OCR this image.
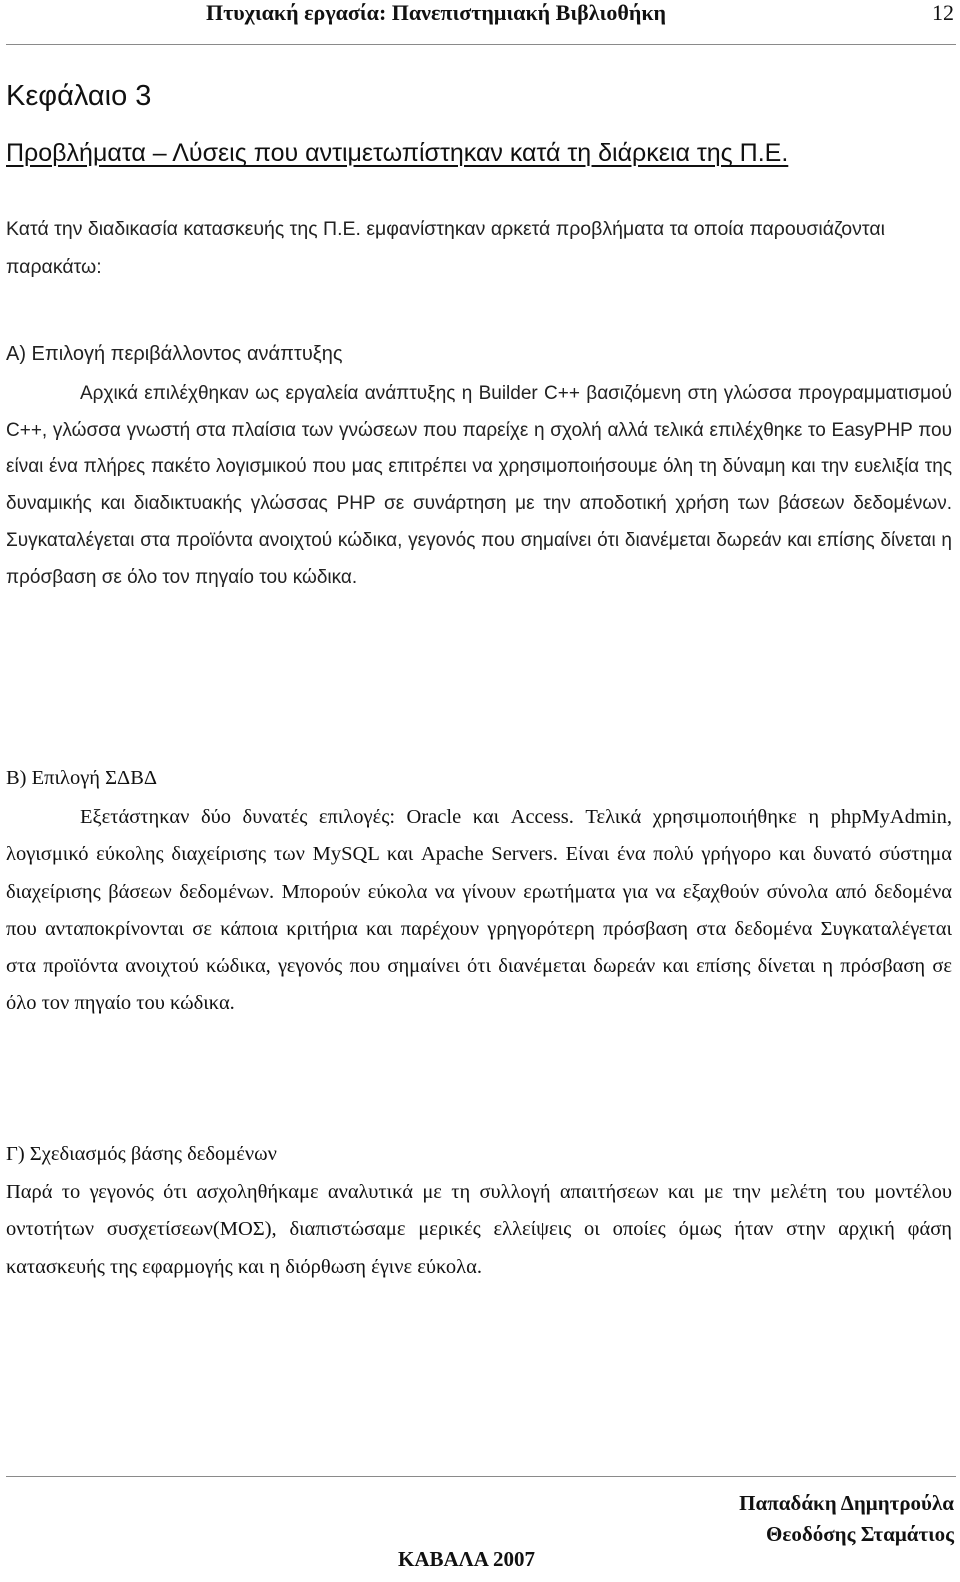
Πτυχιακή εργασία: Πανεπιστημιακή Βιβλιοθήκη	12
Κεφάλαιο 3
Προβλήματα – Λύσεις που αντιμετωπίστηκαν κατά τη διάρκεια της Π.Ε.
Κατά την διαδικασία κατασκευής της Π.Ε. εμφανίστηκαν αρκετά προβλήματα τα οποία παρουσιάζονται παρακάτω:
Α) Επιλογή περιβάλλοντος ανάπτυξης

Αρχικά επιλέχθηκαν ως εργαλεία ανάπτυξης η Builder C++ βασιζόμενη στη γλώσσα προγραμματισμού C++, γλώσσα γνωστή στα πλαίσια των γνώσεων που παρείχε η σχολή αλλά τελικά επιλέχθηκε το EasyPHP που είναι ένα πλήρες πακέτο λογισμικού που μας επιτρέπει να χρησιμοποιήσουμε όλη τη δύναμη και την ευελιξία της δυναμικής και διαδικτυακής γλώσσας PHP σε συνάρτηση με την αποδοτική χρήση των βάσεων δεδομένων. Συγκαταλέγεται στα προϊόντα ανοιχτού κώδικα, γεγονός που σημαίνει ότι διανέμεται δωρεάν και επίσης δίνεται η πρόσβαση σε όλο τον πηγαίο του κώδικα.

Β) Επιλογή ΣΔΒΔ

Εξετάστηκαν δύο δυνατές επιλογές: Oracle και Access. Τελικά χρησιμοποιήθηκε η phpMyAdmin, λογισμικό εύκολης διαχείρισης των MySQL και Apache Servers. Είναι ένα πολύ γρήγορο και δυνατό σύστημα διαχείρισης βάσεων δεδομένων. Μπορούν εύκολα να γίνουν ερωτήματα για να εξαχθούν σύνολα από δεδομένα που ανταποκρίνονται σε κάποια κριτήρια και παρέχουν γρηγορότερη πρόσβαση στα δεδομένα Συγκαταλέγεται στα προϊόντα ανοιχτού κώδικα, γεγονός που σημαίνει ότι διανέμεται δωρεάν και επίσης δίνεται η πρόσβαση σε όλο τον πηγαίο του κώδικα.

Γ) Σχεδιασμός βάσης δεδομένων

Παρά το γεγονός ότι ασχοληθήκαμε αναλυτικά με τη συλλογή απαιτήσεων και με την μελέτη του μοντέλου οντοτήτων συσχετίσεων(ΜΟΣ), διαπιστώσαμε μερικές ελλείψεις οι οποίες όμως ήταν στην αρχική φάση κατασκευής της εφαρμογής και η διόρθωση έγινε εύκολα.

Παπαδάκη Δημητρούλα
Θεοδόσης Σταμάτιος
ΚΑΒΑΛΑ 2007
